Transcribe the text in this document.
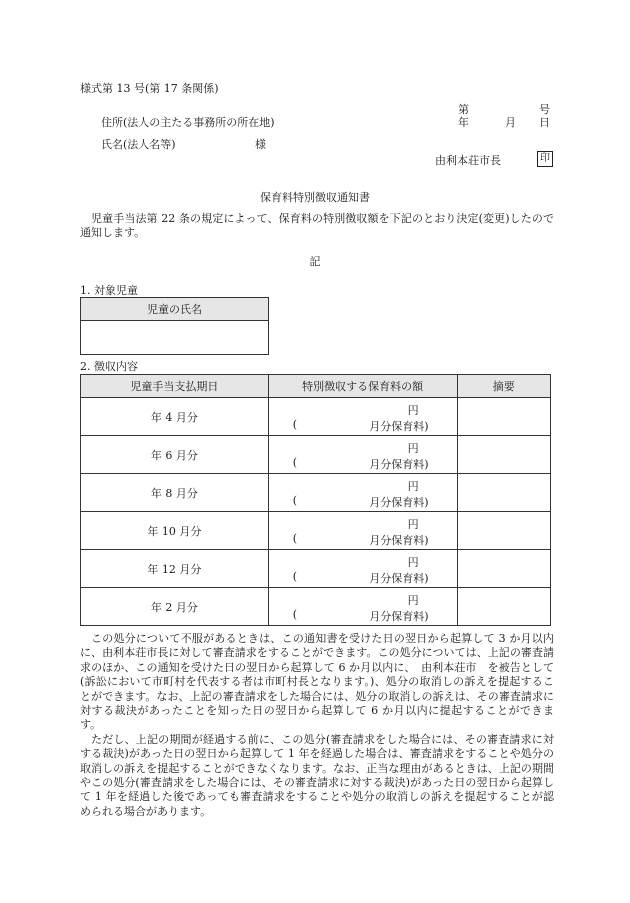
様式第 13 号(第 17 条関係)
第	号
住所(法人の主たる事務所の所在地)	年	月 日
氏名(法人名等)	様
由利本荘市長	印
保育料特別徴収通知書

児童手当法第 22 条の規定によって、保育料の特別徴収額を下記のとおり決定(変更)したので通知します。

記
1. 対象児童
児童の氏名

2. 徴収内容
児童手当支払期日	特別徴収する保育料の額	摘要
年 4 月分	円
( 月分保育料)	

年 6 月分	円
( 月分保育料)	

年 8 月分	円
( 月分保育料)	

年 10 月分	円
( 月分保育料)	

年 12 月分	円
( 月分保育料)	

年 2 月分	円
( 月分保育料)	

この処分について不服があるときは、この通知書を受けた日の翌日から起算して 3 か月以内に、由利本荘市長に対して審査請求をすることができます。この処分については、上記の審査請求のほか、この通知を受けた日の翌日から起算して 6 か月以内に、　由利本荘市　を被告として(訴訟において市町村を代表する者は市町村長となります。)、処分の取消しの訴えを提起することができます。なお、上記の審査請求をした場合には、処分の取消しの訴えは、その審査請求に対する裁決があったことを知った日の翌日から起算して 6 か月以内に提起することができます。

ただし、上記の期間が経過する前に、この処分(審査請求をした場合には、その審査請求に対する裁決)があった日の翌日から起算して 1 年を経過した場合は、審査請求をすることや処分の取消しの訴えを提起することができなくなります。なお、正当な理由があるときは、上記の期間やこの処分(審査請求をした場合には、その審査請求に対する裁決)があった日の翌日から起算して 1 年を経過した後であっても審査請求をすることや処分の取消しの訴えを提起することが認められる場合があります。
